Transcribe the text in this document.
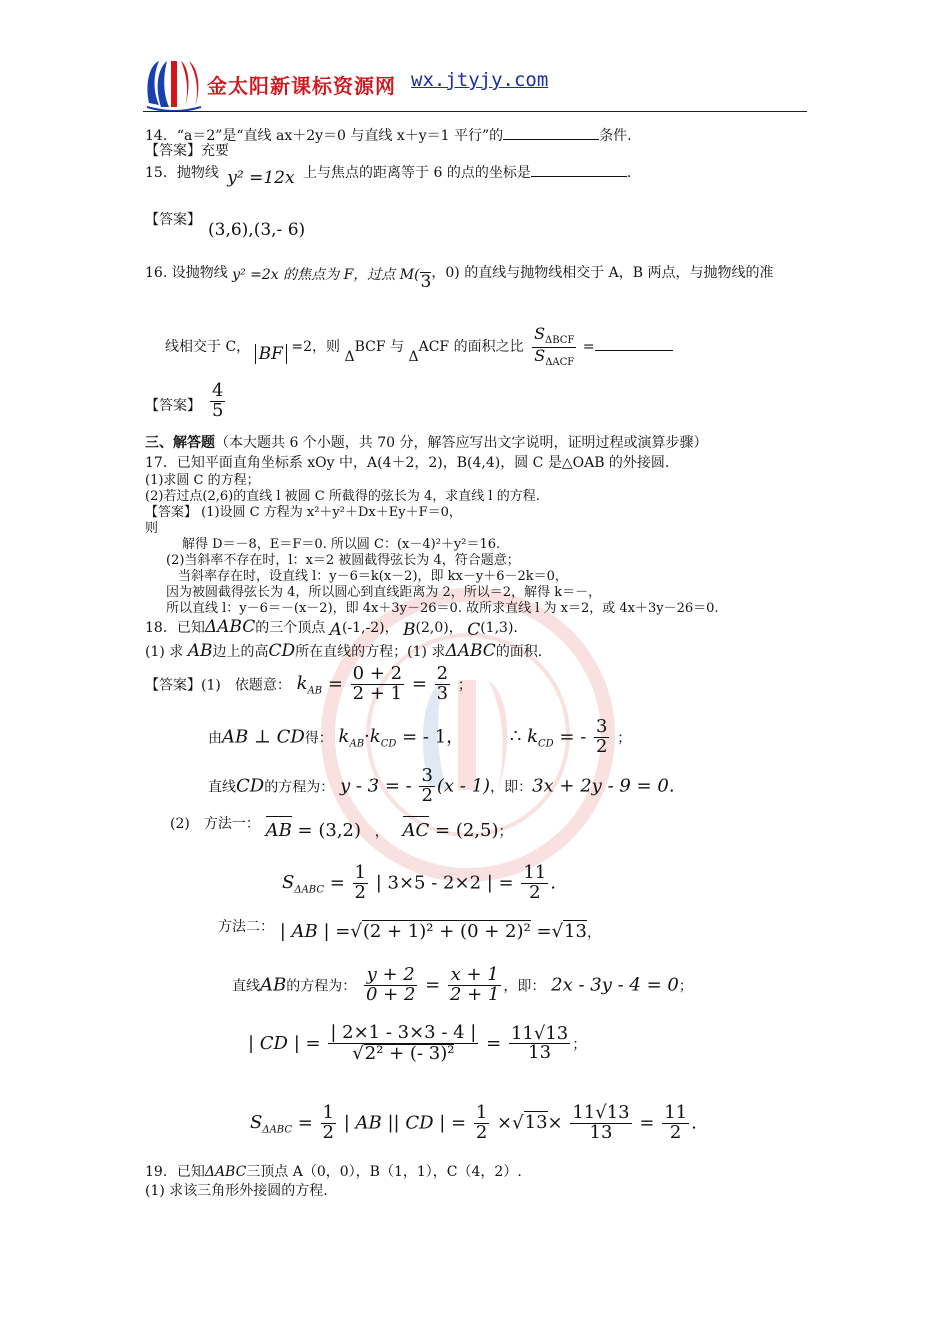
金太阳新课标资源网 wx.jtyjy.com
14．“a＝2”是“直线 ax＋2y＝0 与直线 x＋y＝1 平行”的	条件.
【答案】充要
15．抛物线 y² =12x 上与焦点的距离等于 6 的点的坐标是	.
【答案】 (3,6),(3,- 6)
16. 设抛物线 y² =2x 的焦点为 F，过点 M(3，0) 的直线与抛物线相交于 A，B 两点，与抛物线的准
线相交于 C， BF =2，则 ΔBCF 与 ΔACF 的面积之比 $\frac{S_{\Delta BCF}}{S_{\Delta ACF}}$ =
【答案】 $\frac{4}{5}$
三、解答题（本大题共 6 个小题，共 70 分，解答应写出文字说明，证明过程或演算步骤）
17．已知平面直角坐标系 xOy 中，A(4＋2，2)，B(4,4)，圆 C 是△OAB 的外接圆.
(1)求圆 C 的方程；
(2)若过点(2,6)的直线 l 被圆 C 所截得的弦长为 4，求直线 l 的方程.
【答案】 (1)设圆 C 方程为 x²＋y²＋Dx＋Ey＋F＝0，
则
解得 D＝－8，E＝F＝0. 所以圆 C：(x－4)²＋y²＝16.
(2)当斜率不存在时，l：x＝2 被圆截得弦长为 4，符合题意；
当斜率存在时，设直线 l：y－6＝k(x－2)，即 kx－y＋6－2k＝0，
因为被圆截得弦长为 4，所以圆心到直线距离为 2，所以＝2，解得 k＝－，
所以直线 l：y－6＝－(x－2)，即 4x＋3y－26＝0. 故所求直线 l 为 x＝2，或 4x＋3y－26＝0.
18．已知ΔABC的三个顶点 A(-1,-2)， B(2,0)， C(1,3)．
(1) 求 AB边上的高CD所在直线的方程；(1) 求ΔABC的面积.
【答案】(1)　依题意： $k_{AB} = \frac{0 + 2}{2 + 1} = \frac{2}{3}$ ；
由AB ⊥ CD得： $k_{AB}\cdot k_{CD}$ = - 1，	∴ $k_{CD}$ = - $\frac{3}{2}$ ；
直线CD的方程为： y - 3 = - $\frac{3}{2} (x - 1)$，即：3x + 2y - 9 = 0.
$^{(2) 方法一:}$ AB = (3,2) ， AC = (2,5)；
$S_{\Delta ABC} = \frac{1}{2}$ | 3×5 - 2×2 | = $\frac{11}{2}$ .
$^{方法二:}$ | AB | =√(2 + 1)² + (0 + 2)² =√13，
直线AB的方程为： $\frac{y + 2}{0 + 2} = \frac{x + 1}{2 + 1}$ ，即： 2x - 3y - 4 = 0；
| CD | = $\frac{| 2\times 1 - 3\times 3 - 4 |}{\text{√2² + (- 3)²}} = \frac{11√13}{13}$ ；
$S_{\Delta ABC} = \frac{1}{2}$ | AB || CD | = $\frac{1}{2} \times√13\times \frac{11√13}{13} = \frac{11}{2}$ .
19．已知ΔABC三顶点 A（0，0），B（1，1），C（4，2）.
(1) 求该三角形外接圆的方程.
